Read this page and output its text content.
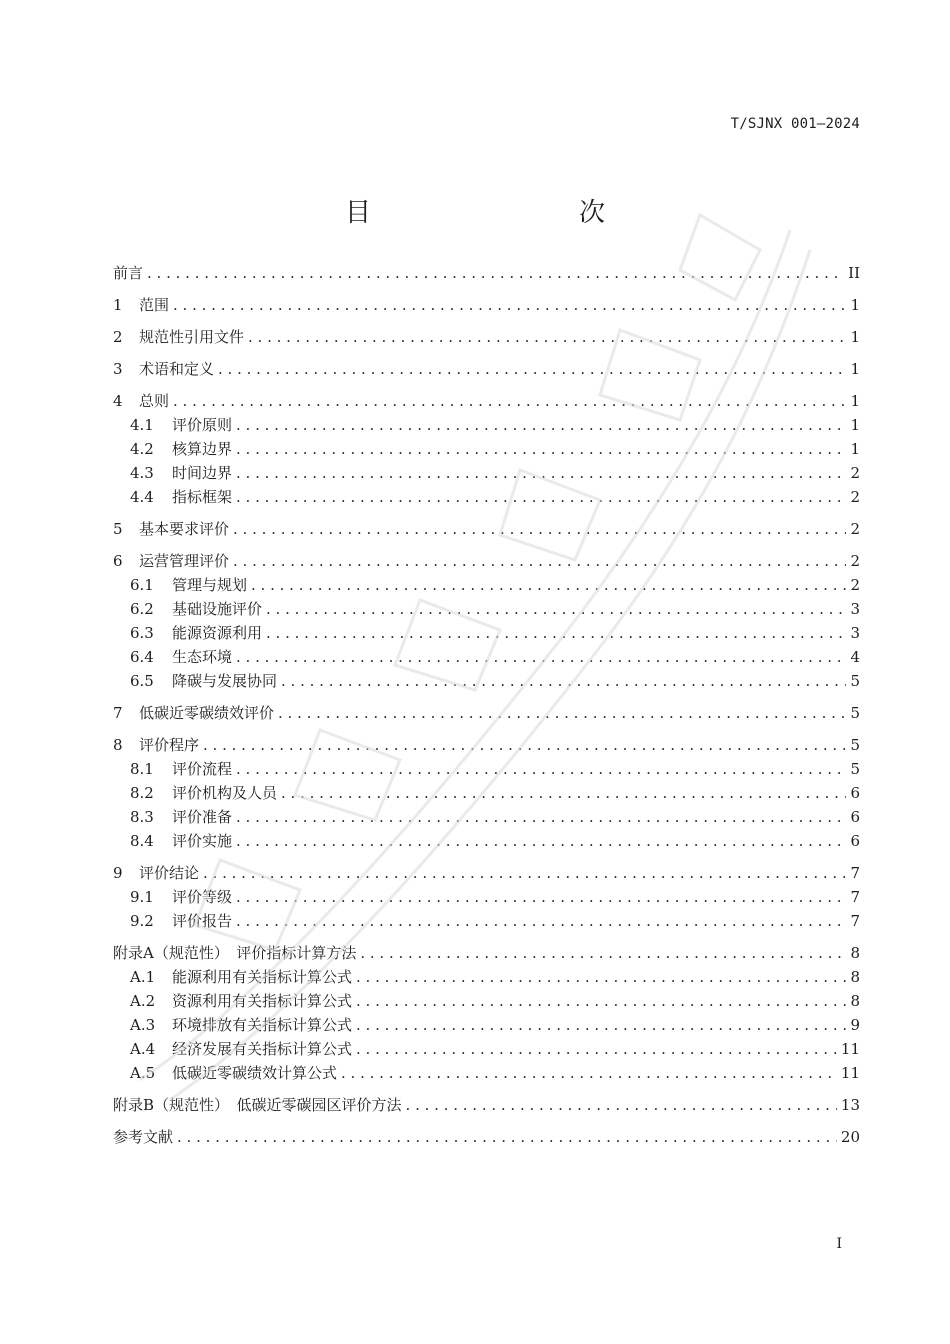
T/SJNX 001—2024
目　　次
前言 . . .	II
1	范围 . . .	1
2	规范性引用文件 . . .	1
3	术语和定义 . . .	1
4	总则 . . .	1
4.1	评价原则 . . .	1
4.2	核算边界 . . .	1
4.3	时间边界 . . .	2
4.4	指标框架 . . .	2
5	基本要求评价 . . .	2
6	运营管理评价 . . .	2
6.1	管理与规划 . . .	2
6.2	基础设施评价 . . .	3
6.3	能源资源利用 . . .	3
6.4	生态环境 . . .	4
6.5	降碳与发展协同 . . .	5
7	低碳近零碳绩效评价 . . .	5
8	评价程序 . . .	5
8.1	评价流程 . . .	5
8.2	评价机构及人员 . . .	6
8.3	评价准备 . . .	6
8.4	评价实施 . . .	6
9	评价结论 . . .	7
9.1	评价等级 . . .	7
9.2	评价报告 . . .	7
附录A（规范性）　评价指标计算方法 . . .	8
A.1	能源利用有关指标计算公式 . . .	8
A.2	资源利用有关指标计算公式 . . .	8
A.3	环境排放有关指标计算公式 . . .	9
A.4	经济发展有关指标计算公式 . . .	11
A.5	低碳近零碳绩效计算公式 . . .	11
附录B（规范性）　低碳近零碳园区评价方法 . . .	13
参考文献 . . .	20
I
